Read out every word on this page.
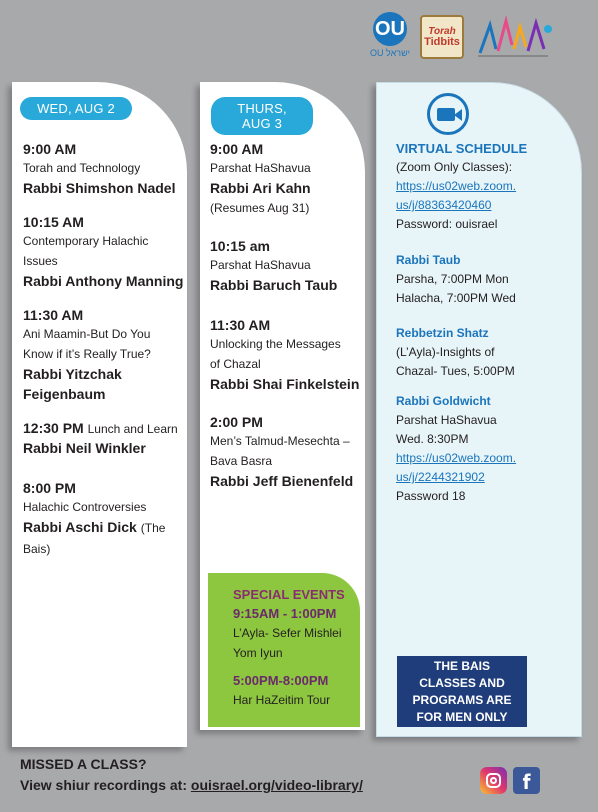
OU
OU ישראל
Torah
Tidbits
WED, AUG 2
9:00 AM
Torah and Technology
Rabbi Shimshon Nadel
10:15 AM
Contemporary Halachic
Issues
Rabbi Anthony Manning
11:30 AM
Ani Maamin-But Do You
Know if it’s Really True?
Rabbi Yitzchak
Feigenbaum
12:30 PM Lunch and Learn
Rabbi Neil Winkler
8:00 PM
Halachic Controversies
Rabbi Aschi Dick (The Bais)
THURS, AUG 3
9:00 AM
Parshat HaShavua
Rabbi Ari Kahn
(Resumes Aug 31)
10:15 am
Parshat HaShavua
Rabbi Baruch Taub
11:30 AM
Unlocking the Messages
of Chazal
Rabbi Shai Finkelstein
2:00 PM
Men’s Talmud-Mesechta –
Bava Basra
Rabbi Jeff Bienenfeld
SPECIAL EVENTS
9:15AM - 1:00PM
L’Ayla- Sefer Mishlei
Yom Iyun
5:00PM-8:00PM
Har HaZeitim Tour
VIRTUAL SCHEDULE
(Zoom Only Classes):
https://us02web.zoom.
us/j/88363420460
Password: ouisrael
Rabbi Taub
Parsha, 7:00PM Mon
Halacha, 7:00PM Wed
Rebbetzin Shatz
(L’Ayla)-Insights of
Chazal- Tues, 5:00PM
Rabbi Goldwicht
Parshat HaShavua
Wed. 8:30PM
https://us02web.zoom.
us/j/2244321902
Password 18
THE BAIS CLASSES AND PROGRAMS ARE FOR MEN ONLY
MISSED A CLASS?
View shiur recordings at: ouisrael.org/video-library/	f
